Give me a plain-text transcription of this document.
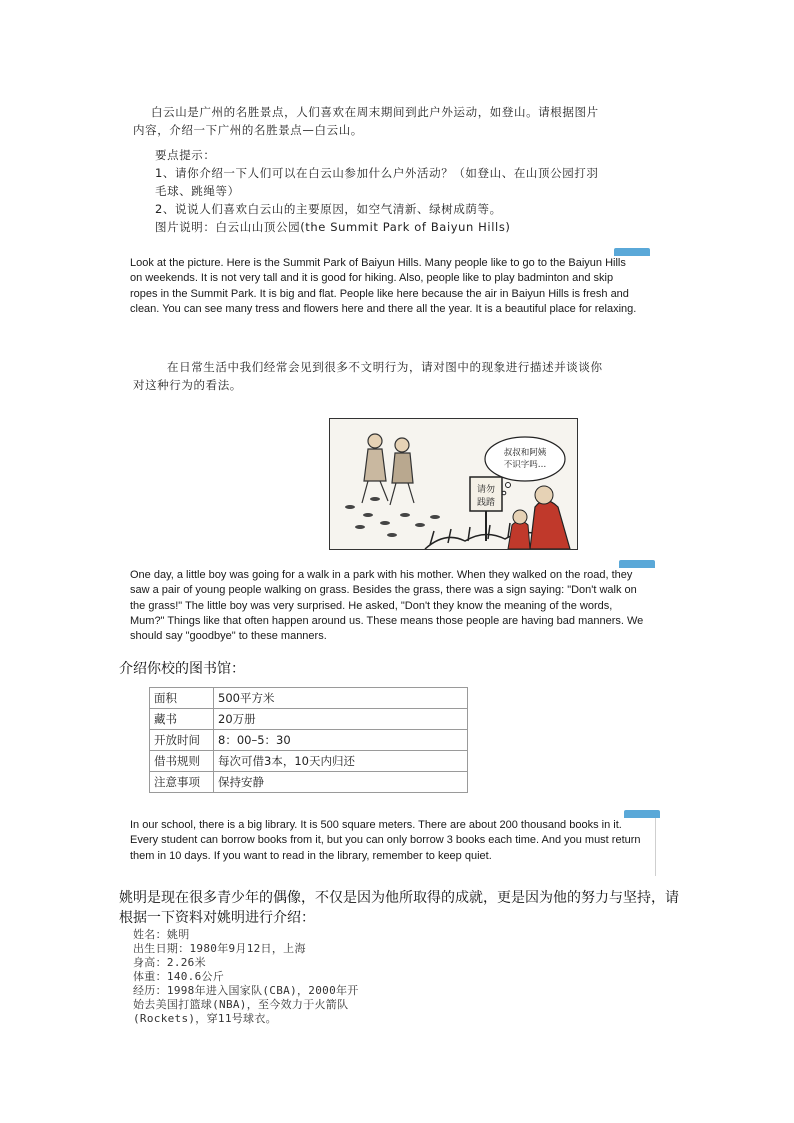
白云山是广州的名胜景点，人们喜欢在周末期间到此户外运动，如登山。请根据图片内容，介绍一下广州的名胜景点—白云山。
要点提示：
1、请你介绍一下人们可以在白云山参加什么户外活动？（如登山、在山顶公园打羽毛球、跳绳等）
2、说说人们喜欢白云山的主要原因，如空气清新、绿树成荫等。
图片说明：白云山山顶公园(the Summit Park of Baiyun Hills)
Look at the picture. Here is the Summit Park of Baiyun Hills. Many people like to go to the Baiyun Hills on weekends. It is not very tall and it is good for hiking. Also, people like to play badminton and skip ropes in the Summit Park. It is big and flat. People like here because the air in Baiyun Hills is fresh and clean. You can see many tress and flowers here and there all the year. It is a beautiful place for relaxing.
在日常生活中我们经常会见到很多不文明行为，请对图中的现象进行描述并谈谈你对这种行为的看法。
请勿
践踏
叔叔和阿姨
不识字吗…
One day, a little boy was going for a walk in a park with his mother. When they walked on the road, they saw a pair of young people walking on grass. Besides the grass, there was a sign saying: "Don't walk on the grass!" The little boy was very surprised. He asked, "Don't they know the meaning of the words, Mum?" Things like that often happen around us. These means those people are having bad manners. We should say "goodbye" to these manners.
介绍你校的图书馆：
面积	500平方米
藏书	20万册
开放时间	8：00–5：30
借书规则	每次可借3本，10天内归还
注意事项	保持安静
In our school, there is a big library. It is 500 square meters. There are about 200 thousand books in it. Every student can borrow books from it, but you can only borrow 3 books each time. And you must return them in 10 days. If you want to read in the library, remember to keep quiet.
姚明是现在很多青少年的偶像，不仅是因为他所取得的成就，更是因为他的努力与坚持，请根据一下资料对姚明进行介绍：
姓名：姚明
出生日期：1980年9月12日，上海
身高：2.26米
体重：140.6公斤
经历：1998年进入国家队(CBA)，2000年开始去美国打篮球(NBA)，至今效力于火箭队(Rockets)，穿11号球衣。
